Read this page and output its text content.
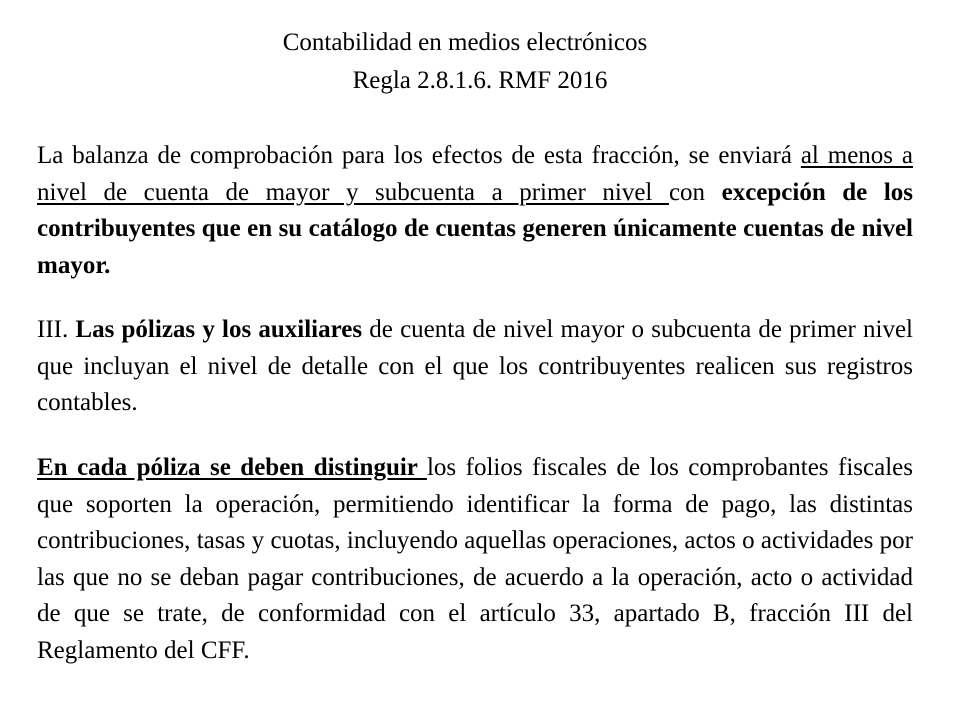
Contabilidad en medios electrónicos
Regla 2.8.1.6. RMF 2016

La balanza de comprobación para los efectos de esta fracción, se enviará al menos a nivel de cuenta de mayor y subcuenta a primer nivel con excepción de los contribuyentes que en su catálogo de cuentas generen únicamente cuentas de nivel mayor.

III. Las pólizas y los auxiliares de cuenta de nivel mayor o subcuenta de primer nivel que incluyan el nivel de detalle con el que los contribuyentes realicen sus registros contables.

En cada póliza se deben distinguir los folios fiscales de los comprobantes fiscales que soporten la operación, permitiendo identificar la forma de pago, las distintas contribuciones, tasas y cuotas, incluyendo aquellas operaciones, actos o actividades por las que no se deban pagar contribuciones, de acuerdo a la operación, acto o actividad de que se trate, de conformidad con el artículo 33, apartado B, fracción III del Reglamento del CFF.
